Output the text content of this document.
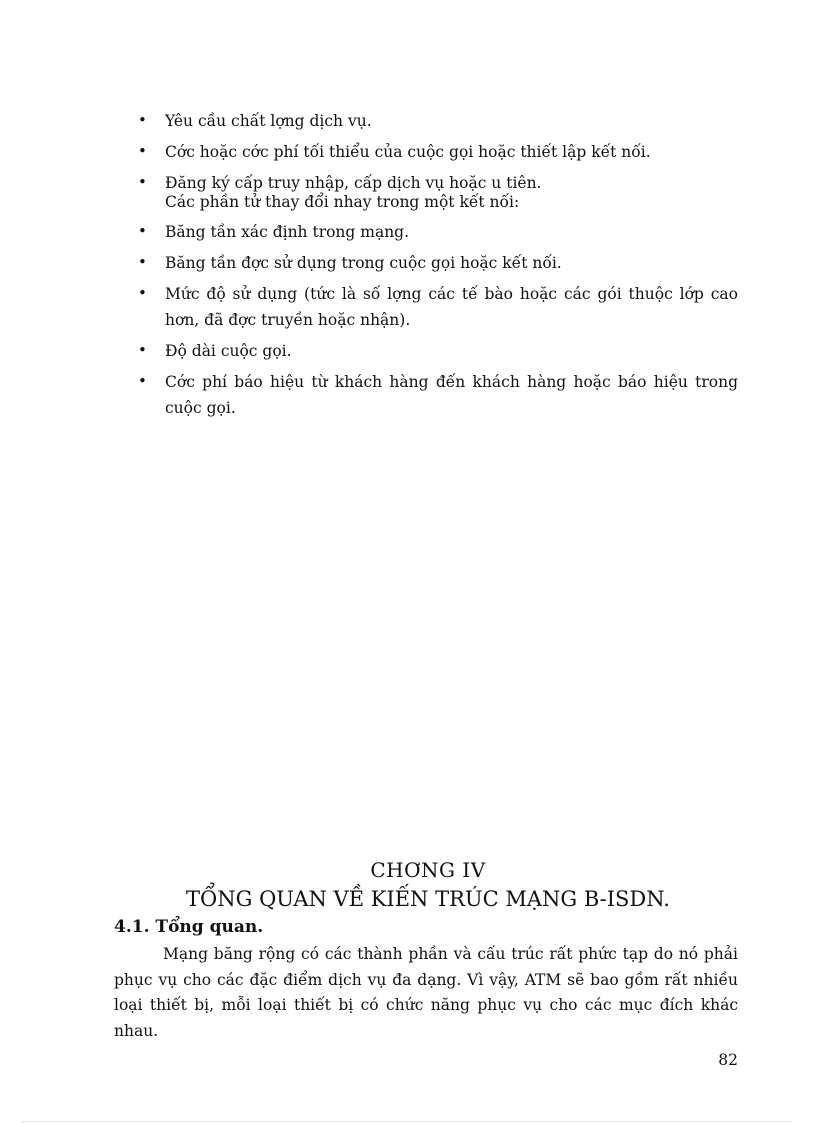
• Yêu cầu chất lợng dịch vụ.
• Cớc hoặc cớc phí tối thiểu của cuộc gọi hoặc thiết lập kết nối.
• Đăng ký cấp truy nhập, cấp dịch vụ hoặc u tiên.
Các phần tử thay đổi nhay trong một kết nối:
• Băng tần xác định trong mạng.
• Băng tần đợc sử dụng trong cuộc gọi hoặc kết nối.
• Mức độ sử dụng (tức là số lợng các tế bào hoặc các gói thuộc lớp cao hơn, đã đợc truyền hoặc nhận).
• Độ dài cuộc gọi.
• Cớc phí báo hiệu từ khách hàng đến khách hàng hoặc báo hiệu trong cuộc gọi.
CHƠNG IV
TỔNG QUAN VỀ KIẾN TRÚC MẠNG B-ISDN.
4.1. Tổng quan.

Mạng băng rộng có các thành phần và cấu trúc rất phức tạp do nó phải phục vụ cho các đặc điểm dịch vụ đa dạng. Vì vậy, ATM sẽ bao gồm rất nhiều loại thiết bị, mỗi loại thiết bị có chức năng phục vụ cho các mục đích khác nhau.

82
